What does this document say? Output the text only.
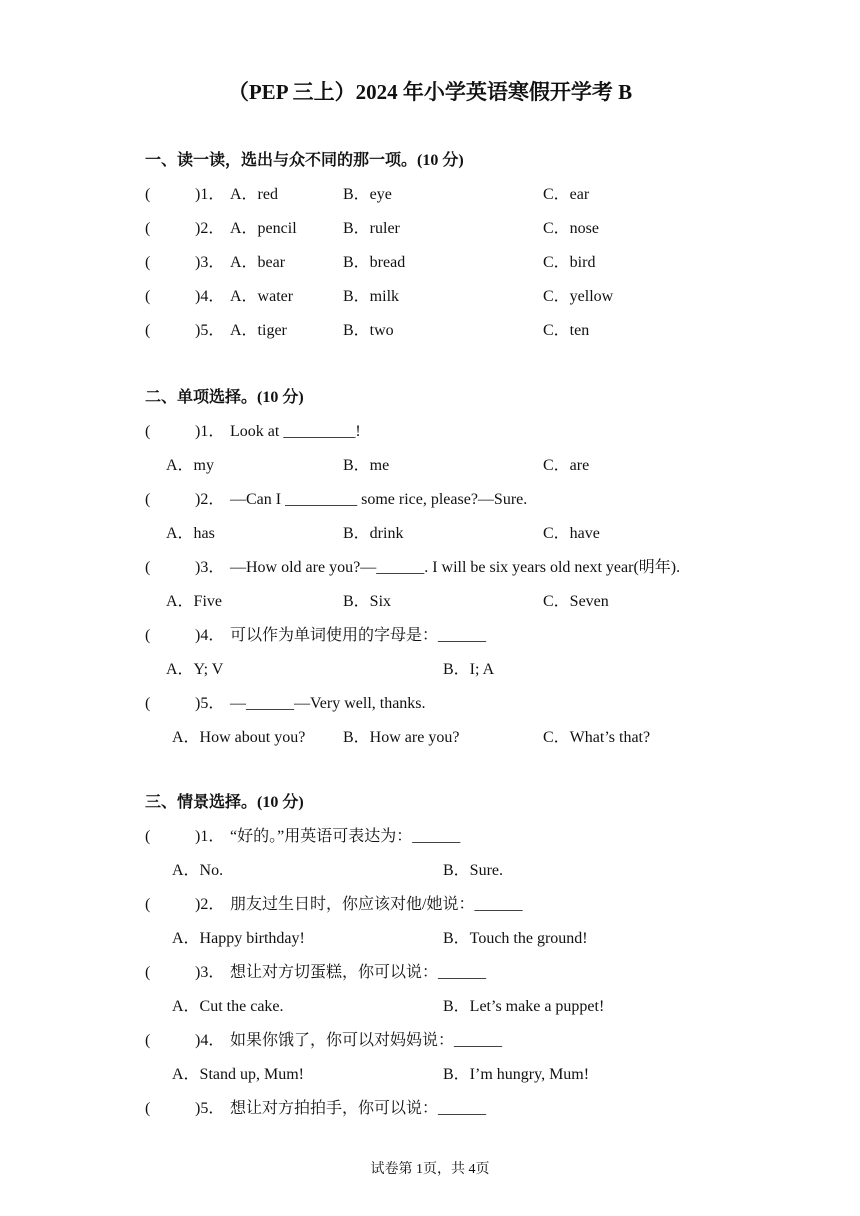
（PEP 三上）2024 年小学英语寒假开学考 B
一、读一读，选出与众不同的那一项。(10 分)
(	)1． A．red	B．eye	C．ear
(	)2． A．pencil	B．ruler	C．nose
(	)3． A．bear	B．bread	C．bird
(	)4． A．water	B．milk	C．yellow
(	)5． A．tiger	B．two	C．ten
二、单项选择。(10 分)
(	)1． Look at _________!
A．my	B．me	C．are
(	)2． —Can I _________ some rice, please?—Sure.
A．has	B．drink	C．have
(	)3． —How old are you?—______. I will be six years old next year(明年).
A．Five	B．Six	C．Seven
(	)4． 可以作为单词使用的字母是：______
A．Y; V	B．I; A
(	)5． —______—Very well, thanks.
A．How about you? B．How are you?	C．What’s that?
三、情景选择。(10 分)
(	)1． “好的。”用英语可表达为：______
A．No.	B．Sure.
(	)2． 朋友过生日时，你应该对他/她说：______
A．Happy birthday!	B．Touch the ground!
(	)3． 想让对方切蛋糕，你可以说：______
A．Cut the cake.	B．Let’s make a puppet!
(	)4． 如果你饿了，你可以对妈妈说：______
A．Stand up, Mum!	B．I’m hungry, Mum!
(	)5． 想让对方拍拍手，你可以说：______
试卷第 1页，共 4页
